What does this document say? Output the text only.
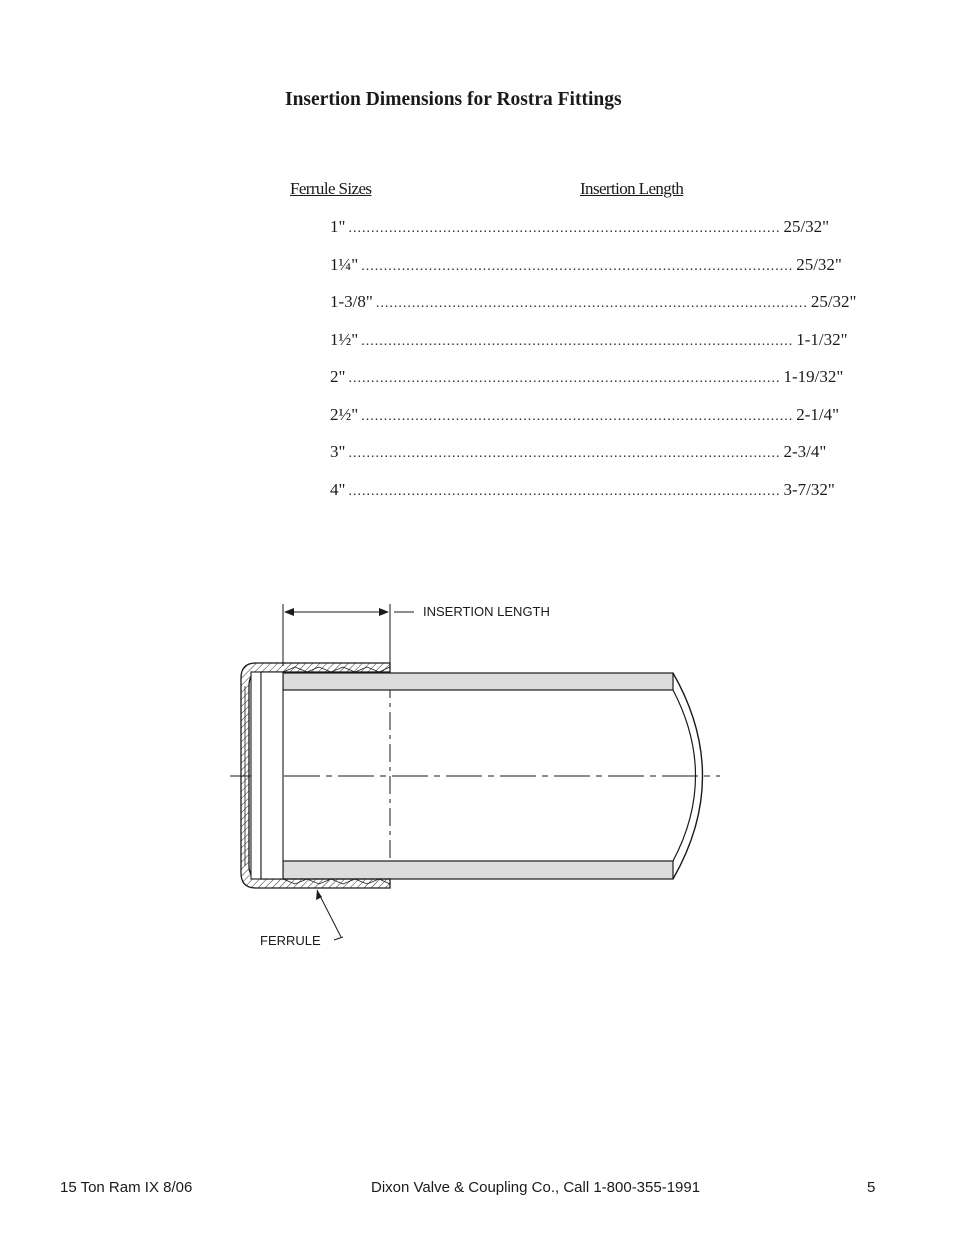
Insertion Dimensions for Rostra Fittings
Ferrule Sizes	Insertion Length
1" ................................................................................................ 25/32"
1¼" ................................................................................................ 25/32"
1-3/8" ................................................................................................ 25/32"
1½" ................................................................................................ 1-1/32"
2" ................................................................................................ 1-19/32"
2½" ................................................................................................ 2-1/4"
3" ................................................................................................ 2-3/4"
4" ................................................................................................ 3-7/32"
INSERTION LENGTH
FERRULE
15 Ton Ram IX 8/06	Dixon Valve & Coupling Co., Call 1-800-355-1991	5
